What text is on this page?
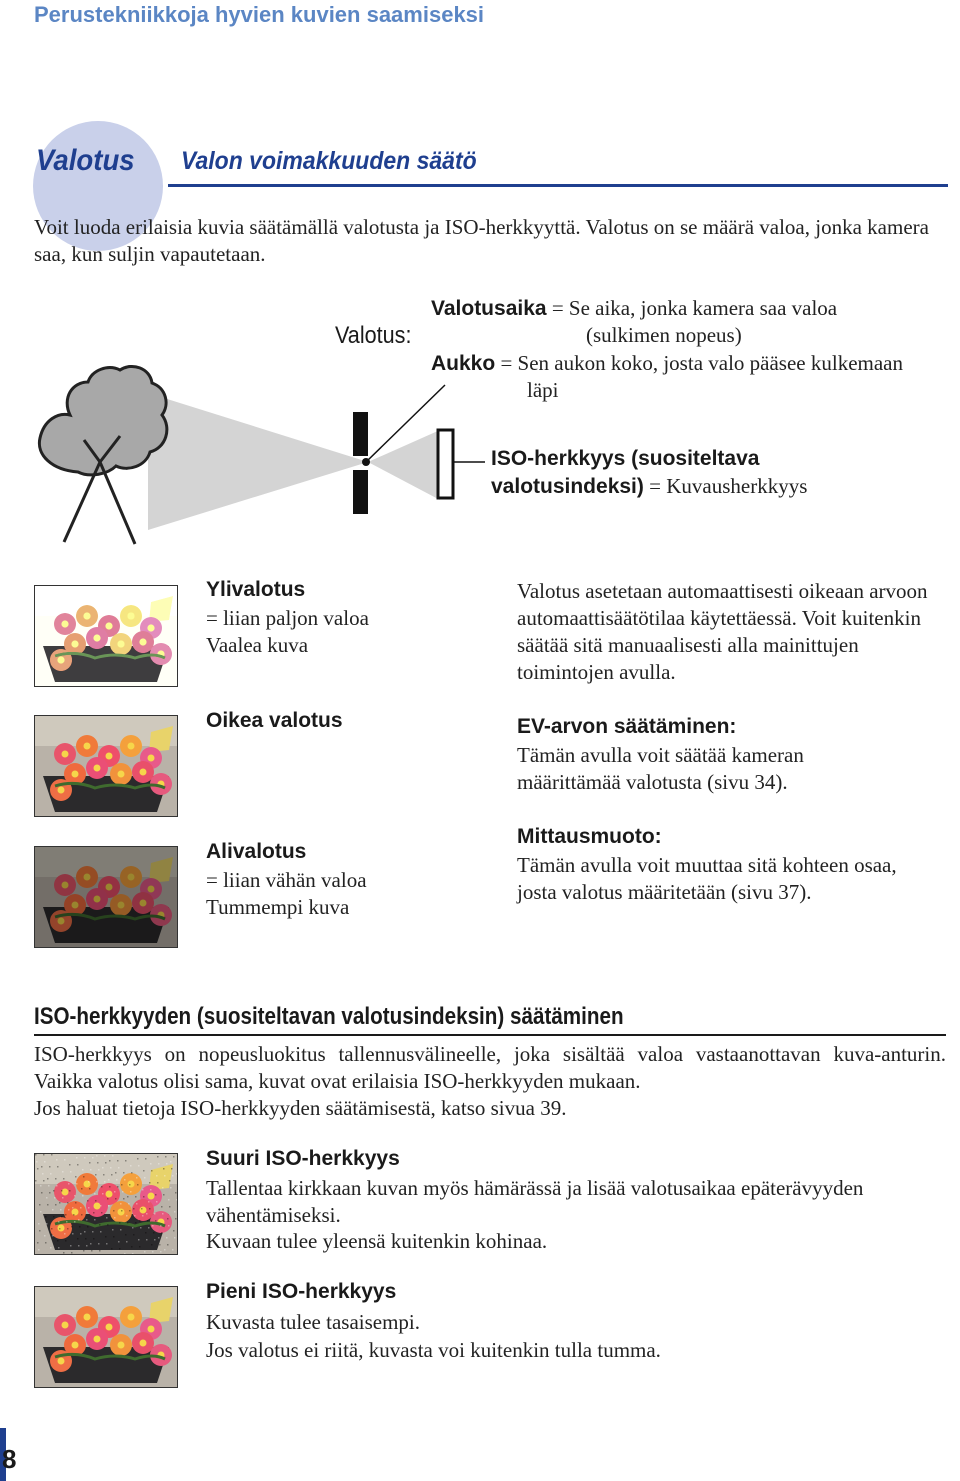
Perustekniikkoja hyvien kuvien saamiseksi
Valotus Valon voimakkuuden säätö

Voit luoda erilaisia kuvia säätämällä valotusta ja ISO-herkkyyttä. Valotus on se määrä valoa, jonka kamera saa, kun suljin vapautetaan.

Valotus:
Valotusaika = Se aika, jonka kamera saa valoa
(sulkimen nopeus)
Aukko = Sen aukon koko, josta valo pääsee kulkemaan
läpi
ISO-herkkyys (suositeltava
valotusindeksi) = Kuvausherkkyys
Ylivalotus
= liian paljon valoa
Vaalea kuva
Oikea valotus
Alivalotus
= liian vähän valoa
Tummempi kuva

Valotus asetetaan automaattisesti oikeaan arvoon automaattisäätötilaa käytettäessä. Voit kuitenkin säätää sitä manuaalisesti alla mainittujen toimintojen avulla.

EV-arvon säätäminen:

Tämän avulla voit säätää kameran määrittämää valotusta (sivu 34).

Mittausmuoto:

Tämän avulla voit muuttaa sitä kohteen osaa, josta valotus määritetään (sivu 37).

ISO-herkkyyden (suositeltavan valotusindeksin) säätäminen

ISO-herkkyys on nopeusluokitus tallennusvälineelle, joka sisältää valoa vastaanottavan kuva-anturin. Vaikka valotus olisi sama, kuvat ovat erilaisia ISO-herkkyyden mukaan.

Jos haluat tietoja ISO-herkkyyden säätämisestä, katso sivua 39.

Suuri ISO-herkkyys

Tallentaa kirkkaan kuvan myös hämärässä ja lisää valotusaikaa epäterävyyden vähentämiseksi.

Kuvaan tulee yleensä kuitenkin kohinaa.

Pieni ISO-herkkyys

Kuvasta tulee tasaisempi.

Jos valotus ei riitä, kuvasta voi kuitenkin tulla tumma.

8
